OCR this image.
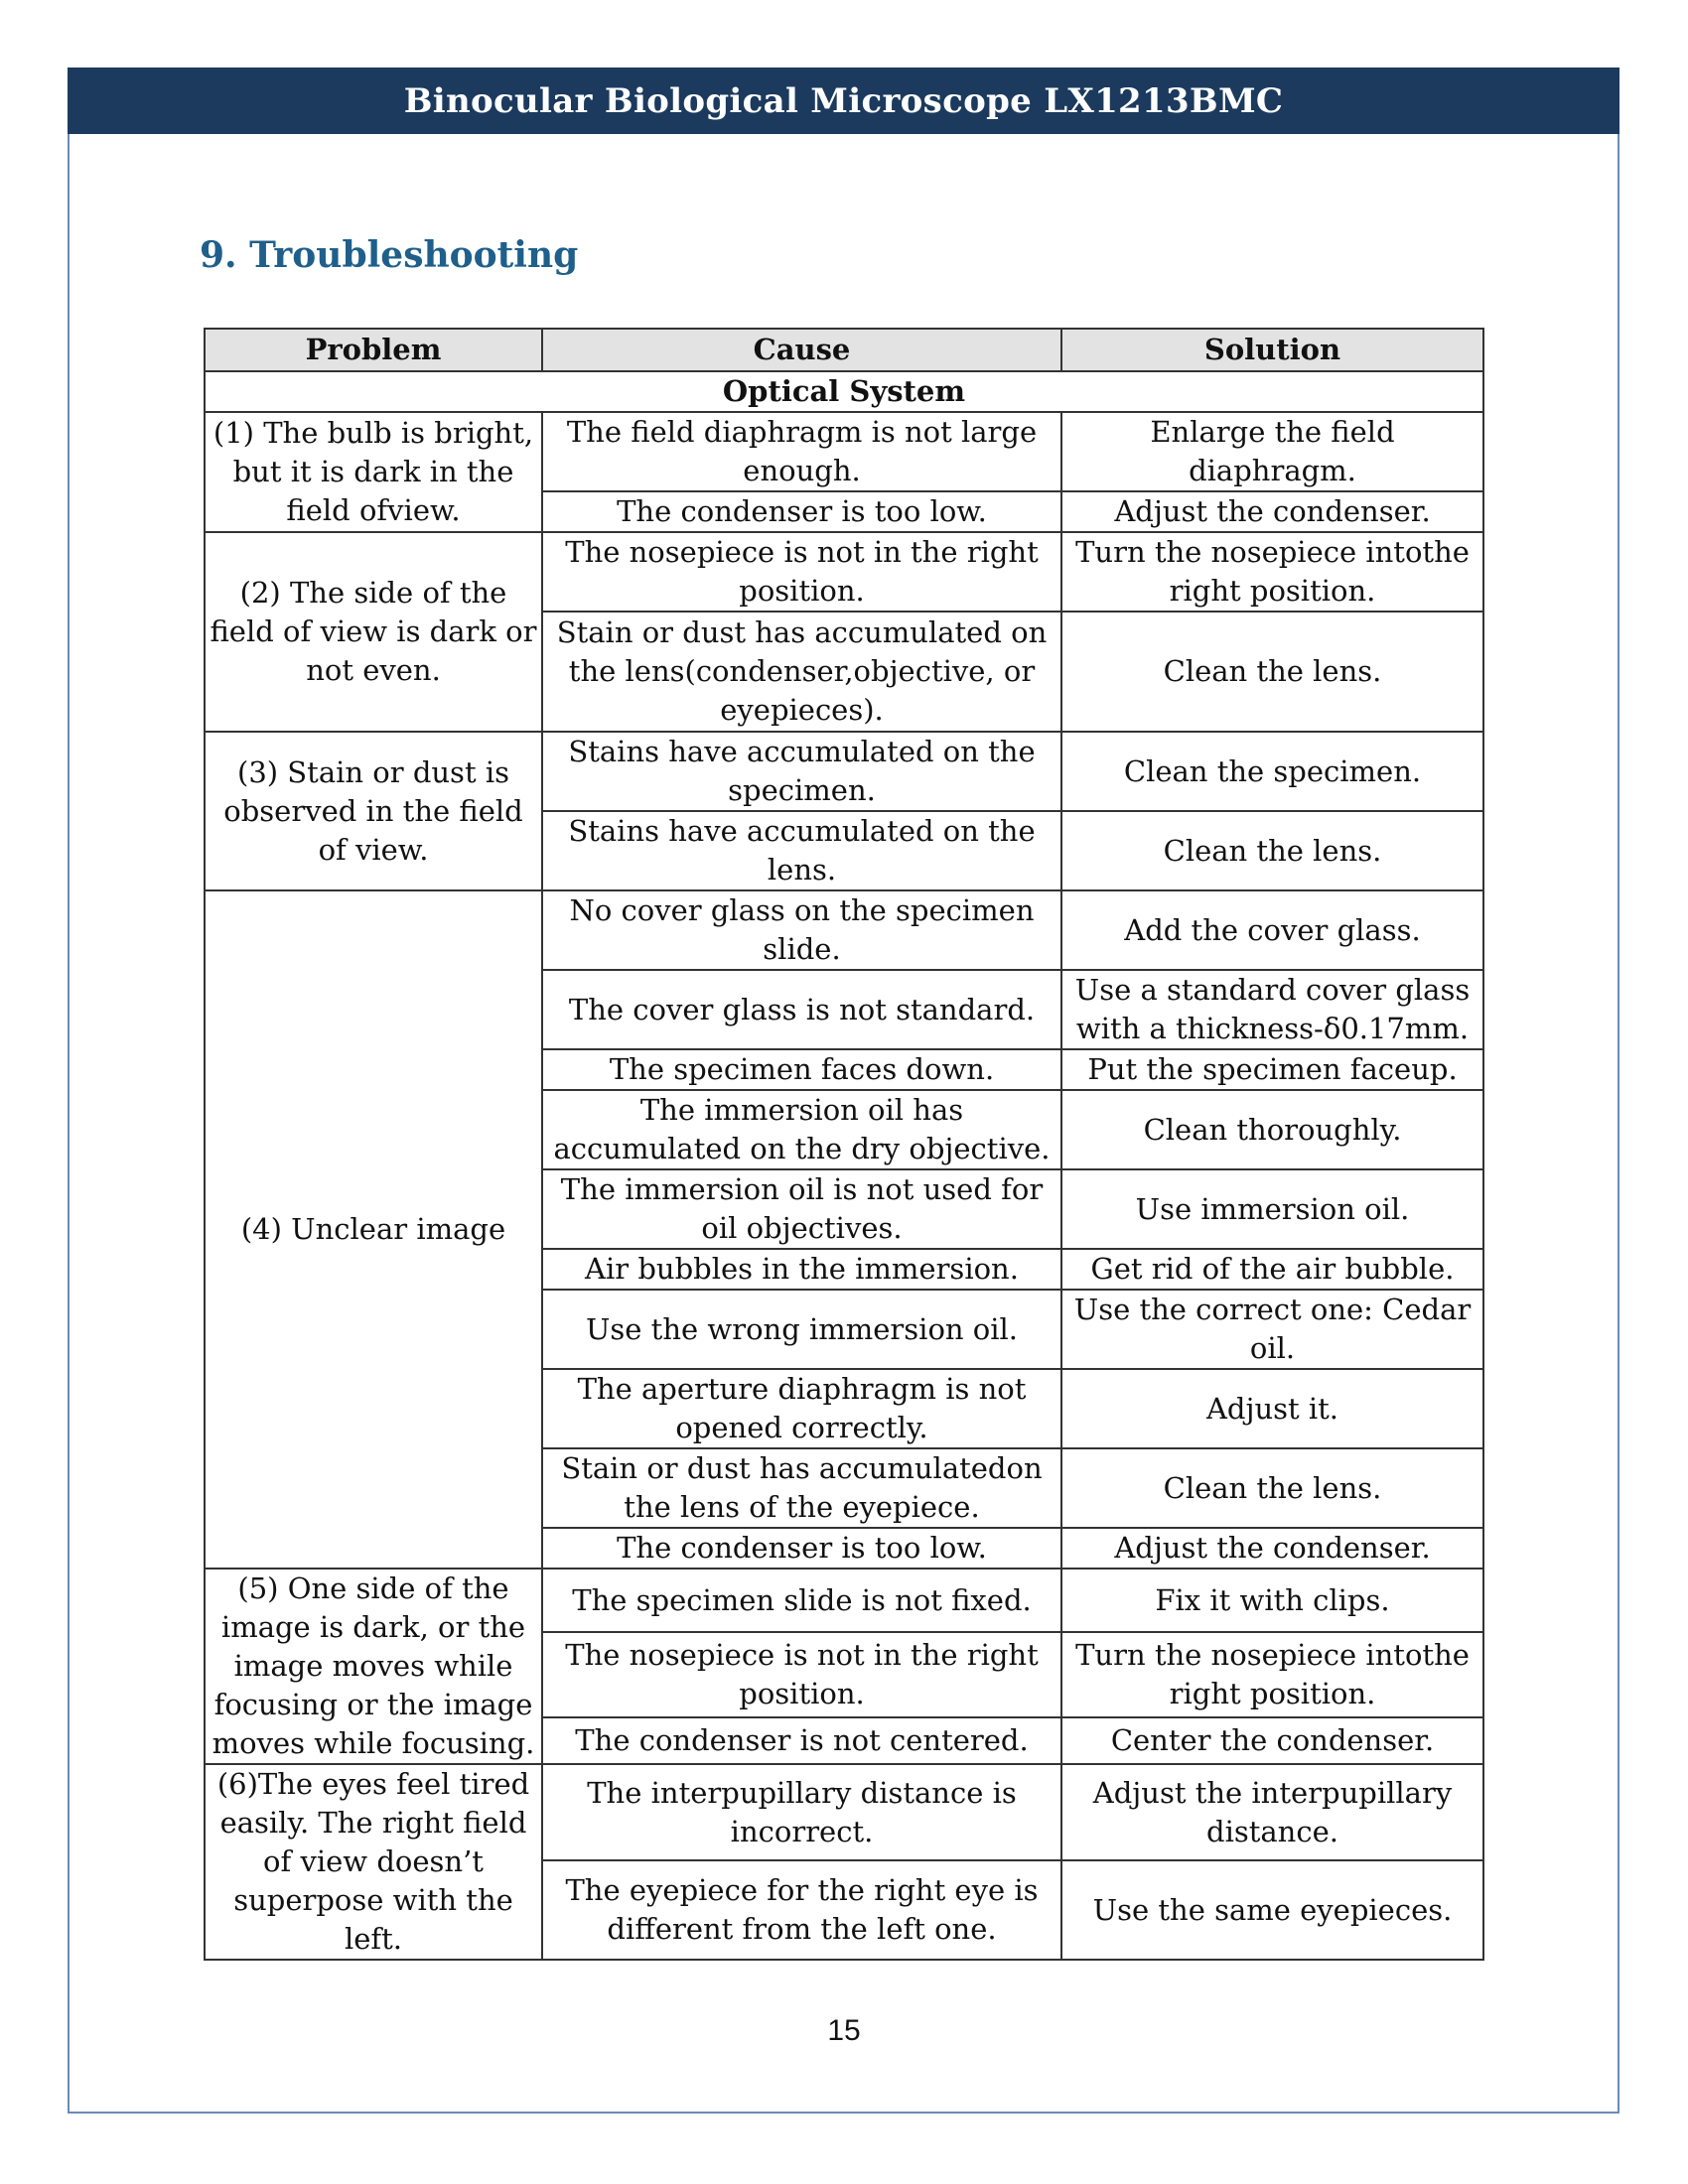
Binocular Biological Microscope LX1213BMC
9. Troubleshooting
Problem	Cause	Solution
Optical System		
(1) The bulb is bright, but it is dark in the field ofview.	The field diaphragm is not large enough.	Enlarge the field diaphragm.
	The condenser is too low.	Adjust the condenser.
(2) The side of the field of view is dark or not even.	The nosepiece is not in the right position.	Turn the nosepiece intothe right position.
	Stain or dust has accumulated on the lens(condenser,objective, or eyepieces).	Clean the lens.
(3) Stain or dust is observed in the field of view.	Stains have accumulated on the specimen.	Clean the specimen.
	Stains have accumulated on the lens.	Clean the lens.
(4) Unclear image	No cover glass on the specimen slide.	Add the cover glass.
	The cover glass is not standard.	Use a standard cover glass with a thickness-δ0.17mm.
	The specimen faces down.	Put the specimen faceup.
	The immersion oil has accumulated on the dry objective.	Clean thoroughly.
	The immersion oil is not used for oil objectives.	Use immersion oil.
	Air bubbles in the immersion.	Get rid of the air bubble.
	Use the wrong immersion oil.	Use the correct one: Cedar oil.
	The aperture diaphragm is not opened correctly.	Adjust it.
	Stain or dust has accumulatedon the lens of the eyepiece.	Clean the lens.
	The condenser is too low.	Adjust the condenser.
(5) One side of the image is dark, or the image moves while focusing or the image moves while focusing.	The specimen slide is not fixed.	Fix it with clips.
	The nosepiece is not in the right position.	Turn the nosepiece intothe right position.
	The condenser is not centered.	Center the condenser.
(6)The eyes feel tired easily. The right field of view doesn’t superpose with the left.	The interpupillary distance is incorrect.	Adjust the interpupillary distance.
	The eyepiece for the right eye is different from the left one.	Use the same eyepieces.
15
